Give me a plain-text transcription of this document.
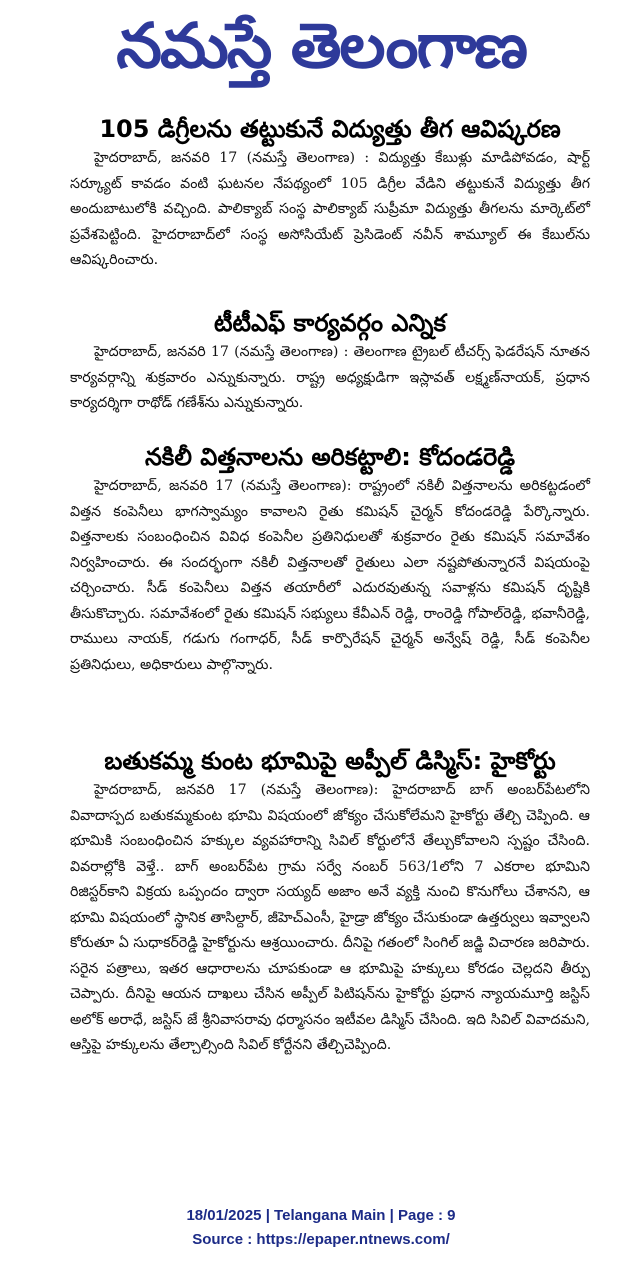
నమస్తే తెలంగాణ
105 డిగ్రీలను తట్టుకునే విద్యుత్తు తీగ ఆవిష్కరణ

హైదరాబాద్, జనవరి 17 (నమస్తే తెలంగాణ) : విద్యుత్తు కేబుళ్లు మాడిపోవడం, షార్ట్ సర్క్యూట్ కావడం వంటి ఘటనల నేపథ్యంలో 105 డిగ్రీల వేడిని తట్టుకునే విద్యుత్తు తీగ అందుబాటులోకి వచ్చింది. పాలిక్యాబ్ సంస్థ పాలిక్యాబ్ సుప్రీమా విద్యుత్తు తీగలను మార్కెట్‌లో ప్రవేశపెట్టింది. హైదరాబాద్‌లో సంస్థ అసోసియేట్ ప్రెసిడెంట్ నవీన్ శామ్యూల్ ఈ కేబుల్‌ను ఆవిష్కరించారు.

టీటీఎఫ్ కార్యవర్గం ఎన్నిక

హైదరాబాద్, జనవరి 17 (నమస్తే తెలంగాణ) : తెలంగాణ ట్రైబల్ టీచర్స్ ఫెడరేషన్ నూతన కార్యవర్గాన్ని శుక్రవారం ఎన్నుకున్నారు. రాష్ట్ర అధ్యక్షుడిగా ఇస్లావత్ లక్ష్మణ్‌నాయక్, ప్రధాన కార్యదర్శిగా రాథోడ్ గణేశ్‌ను ఎన్నుకున్నారు.

నకిలీ విత్తనాలను అరికట్టాలి: కోదండరెడ్డి

హైదరాబాద్, జనవరి 17 (నమస్తే తెలంగాణ): రాష్ట్రంలో నకిలీ విత్తనాలను అరికట్టడంలో విత్తన కంపెనీలు భాగస్వామ్యం కావాలని రైతు కమిషన్ చైర్మన్ కోదండరెడ్డి పేర్కొన్నారు. విత్తనాలకు సంబంధించిన వివిధ కంపెనీల ప్రతినిధులతో శుక్రవారం రైతు కమిషన్ సమావేశం నిర్వహించారు. ఈ సందర్భంగా నకిలీ విత్తనాలతో రైతులు ఎలా నష్టపోతున్నారనే విషయంపై చర్చించారు. సీడ్ కంపెనీలు విత్తన తయారీలో ఎదురవుతున్న సవాళ్లను కమిషన్ దృష్టికి తీసుకొచ్చారు. సమావేశంలో రైతు కమిషన్ సభ్యులు కేవీఎన్ రెడ్డి, రాంరెడ్డి గోపాల్‌రెడ్డి, భవానీరెడ్డి, రాములు నాయక్, గడుగు గంగాధర్, సీడ్ కార్పొరేషన్ చైర్మన్ అన్వేష్ రెడ్డి, సీడ్ కంపెనీల ప్రతినిధులు, అధికారులు పాల్గొన్నారు.

బతుకమ్మ కుంట భూమిపై అప్పీల్ డిస్మిస్: హైకోర్టు

హైదరాబాద్, జనవరి 17 (నమస్తే తెలంగాణ): హైదరాబాద్ బాగ్ అంబర్‌పేటలోని వివాదాస్పద బతుకమ్మకుంట భూమి విషయంలో జోక్యం చేసుకోలేమని హైకోర్టు తేల్చి చెప్పింది. ఆ భూమికి సంబంధించిన హక్కుల వ్యవహారాన్ని సివిల్ కోర్టులోనే తేల్చుకోవాలని స్పష్టం చేసింది. వివరాల్లోకి వెళ్తే.. బాగ్ అంబర్‌పేట గ్రామ సర్వే నంబర్ 563/1లోని 7 ఎకరాల భూమిని రిజిస్టర్‌కాని విక్రయ ఒప్పందం ద్వారా సయ్యద్ అజాం అనే వ్యక్తి నుంచి కొనుగోలు చేశానని, ఆ భూమి విషయంలో స్థానిక తాసిల్దార్, జీహెచ్‌ఎంసీ, హైడ్రా జోక్యం చేసుకుండా ఉత్తర్వులు ఇవ్వాలని కోరుతూ ఏ సుధాకర్‌రెడ్డి హైకోర్టును ఆశ్రయించారు. దీనిపై గతంలో సింగిల్ జడ్జి విచారణ జరిపారు. సరైన పత్రాలు, ఇతర ఆధారాలను చూపకుండా ఆ భూమిపై హక్కులు కోరడం చెల్లదని తీర్పు చెప్పారు. దీనిపై ఆయన దాఖలు చేసిన అప్పీల్ పిటిషన్‌ను హైకోర్టు ప్రధాన న్యాయమూర్తి జస్టిస్ అలోక్ అరాధే, జస్టిస్ జే శ్రీనివాసరావు ధర్మాసనం ఇటీవల డిస్మిస్ చేసింది. ఇది సివిల్ వివాదమని, ఆస్తిపై హక్కులను తేల్చాల్సింది సివిల్ కోర్టేనని తేల్చిచెప్పింది.

18/01/2025 | Telangana Main | Page : 9
Source : https://epaper.ntnews.com/
